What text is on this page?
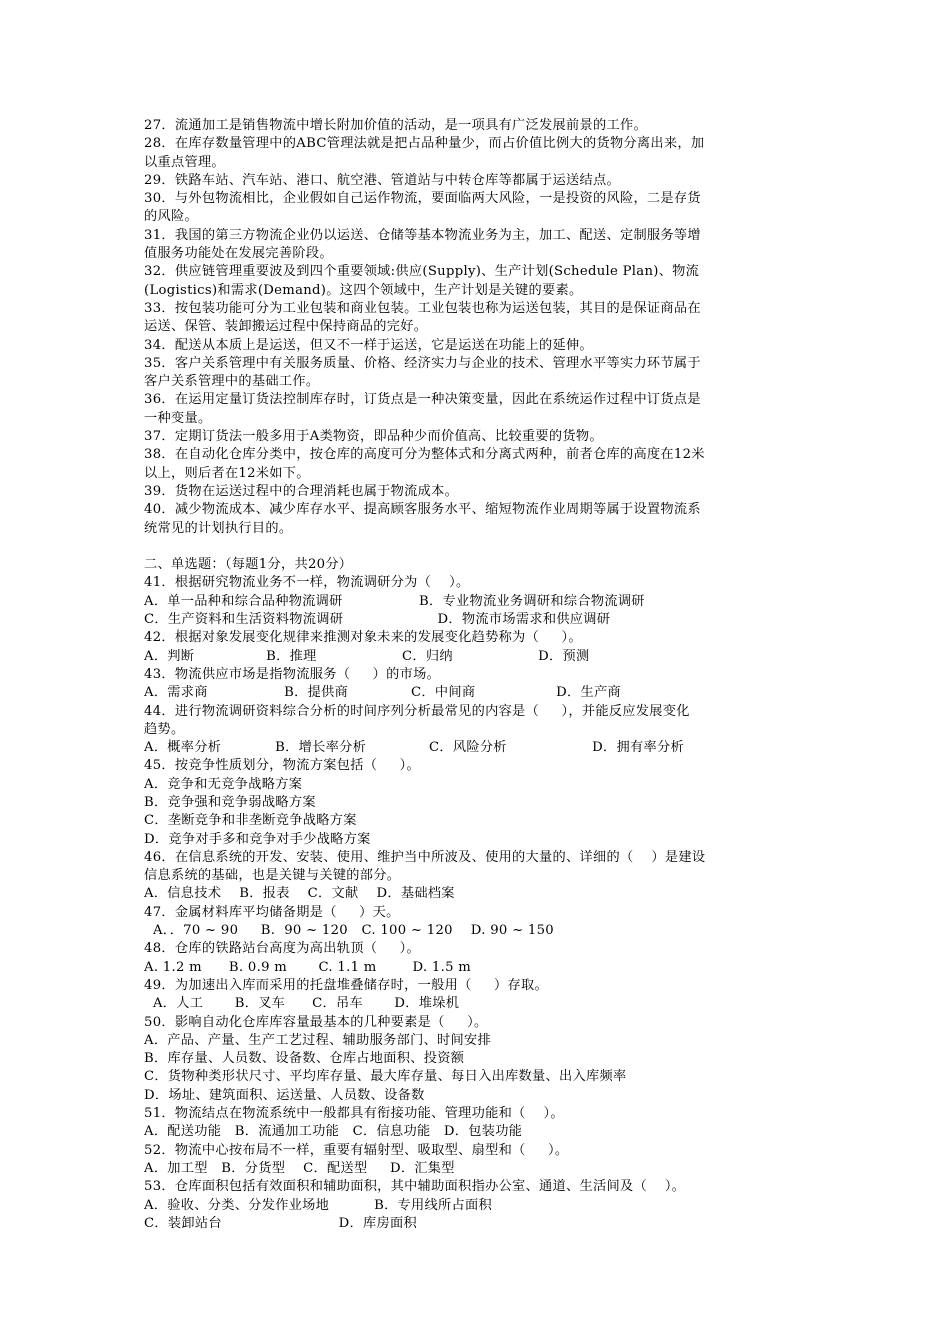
27．流通加工是销售物流中增长附加价值的活动，是一项具有广泛发展前景的工作。
28．在库存数量管理中的ABC管理法就是把占品种量少，而占价值比例大的货物分离出来，加
以重点管理。
29．铁路车站、汽车站、港口、航空港、管道站与中转仓库等都属于运送结点。
30．与外包物流相比，企业假如自己运作物流，要面临两大风险，一是投资的风险，二是存货
的风险。
31．我国的第三方物流企业仍以运送、仓储等基本物流业务为主，加工、配送、定制服务等增
值服务功能处在发展完善阶段。
32．供应链管理重要波及到四个重要领域:供应(Supply)、生产计划(Schedule Plan)、物流
(Logistics)和需求(Demand)。这四个领域中，生产计划是关键的要素。
33．按包装功能可分为工业包装和商业包装。工业包装也称为运送包装，其目的是保证商品在
运送、保管、装卸搬运过程中保持商品的完好。
34．配送从本质上是运送，但又不一样于运送，它是运送在功能上的延伸。
35．客户关系管理中有关服务质量、价格、经济实力与企业的技术、管理水平等实力环节属于
客户关系管理中的基础工作。
36．在运用定量订货法控制库存时，订货点是一种决策变量，因此在系统运作过程中订货点是
一种变量。
37．定期订货法一般多用于A类物资，即品种少而价值高、比较重要的货物。
38．在自动化仓库分类中，按仓库的高度可分为整体式和分离式两种，前者仓库的高度在12米
以上，则后者在12米如下。
39．货物在运送过程中的合理消耗也属于物流成本。
40．减少物流成本、减少库存水平、提高顾客服务水平、缩短物流作业周期等属于设置物流系
统常见的计划执行目的。
二、单选题：（每题1分，共20分）
41．根据研究物流业务不一样，物流调研分为（    ）。
A．单一品种和综合品种物流调研                 B．专业物流业务调研和综合物流调研
C．生产资料和生活资料物流调研                     D．物流市场需求和供应调研
42．根据对象发展变化规律来推测对象未来的发展变化趋势称为（     ）。
A．判断                B．推理                   C．归纳                   D．预测
43．物流供应市场是指物流服务（     ）的市场。
A．需求商                 B．提供商              C．中间商                  D．生产商
44．进行物流调研资料综合分析的时间序列分析最常见的内容是（     ），并能反应发展变化
趋势。
A．概率分析            B．增长率分析              C．风险分析                   D．拥有率分析
45．按竞争性质划分，物流方案包括（     ）。
A．竞争和无竞争战略方案
B．竞争强和竞争弱战略方案
C．垄断竞争和非垄断竞争战略方案
D．竞争对手多和竞争对手少战略方案
46．在信息系统的开发、安装、使用、维护当中所波及、使用的大量的、详细的（    ）是建设
信息系统的基础，也是关键与关键的部分。
A．信息技术    B．报表    C．文献    D．基础档案
47．金属材料库平均储备期是（     ）天。
A．．70 ~ 90     B.  90 ~ 120   C. 100 ~ 120    D. 90 ~ 150
48．仓库的铁路站台高度为高出轨顶（     ）。
A. 1.2 m      B. 0.9 m       C. 1.1 m        D. 1.5 m
49．为加速出入库而采用的托盘堆叠储存时，一般用（     ）存取。
A．人工       B．叉车      C．吊车       D．堆垛机
50．影响自动化仓库库容量最基本的几种要素是（     ）。
A．产品、产量、生产工艺过程、辅助服务部门、时间安排
B．库存量、人员数、设备数、仓库占地面积、投资额
C．货物种类形状尺寸、平均库存量、最大库存量、每日入出库数量、出入库频率
D．场址、建筑面积、运送量、人员数、设备数
51．物流结点在物流系统中一般都具有衔接功能、管理功能和（    ）。
A．配送功能   B．流通加工功能   C．信息功能   D．包装功能
52．物流中心按布局不一样，重要有辐射型、吸取型、扇型和（     ）。
A．加工型   B．分货型    C．配送型     D．汇集型
53．仓库面积包括有效面积和辅助面积，其中辅助面积指办公室、通道、生活间及（    ）。
A．验收、分类、分发作业场地          B．专用线所占面积
C．装卸站台                          D．库房面积
